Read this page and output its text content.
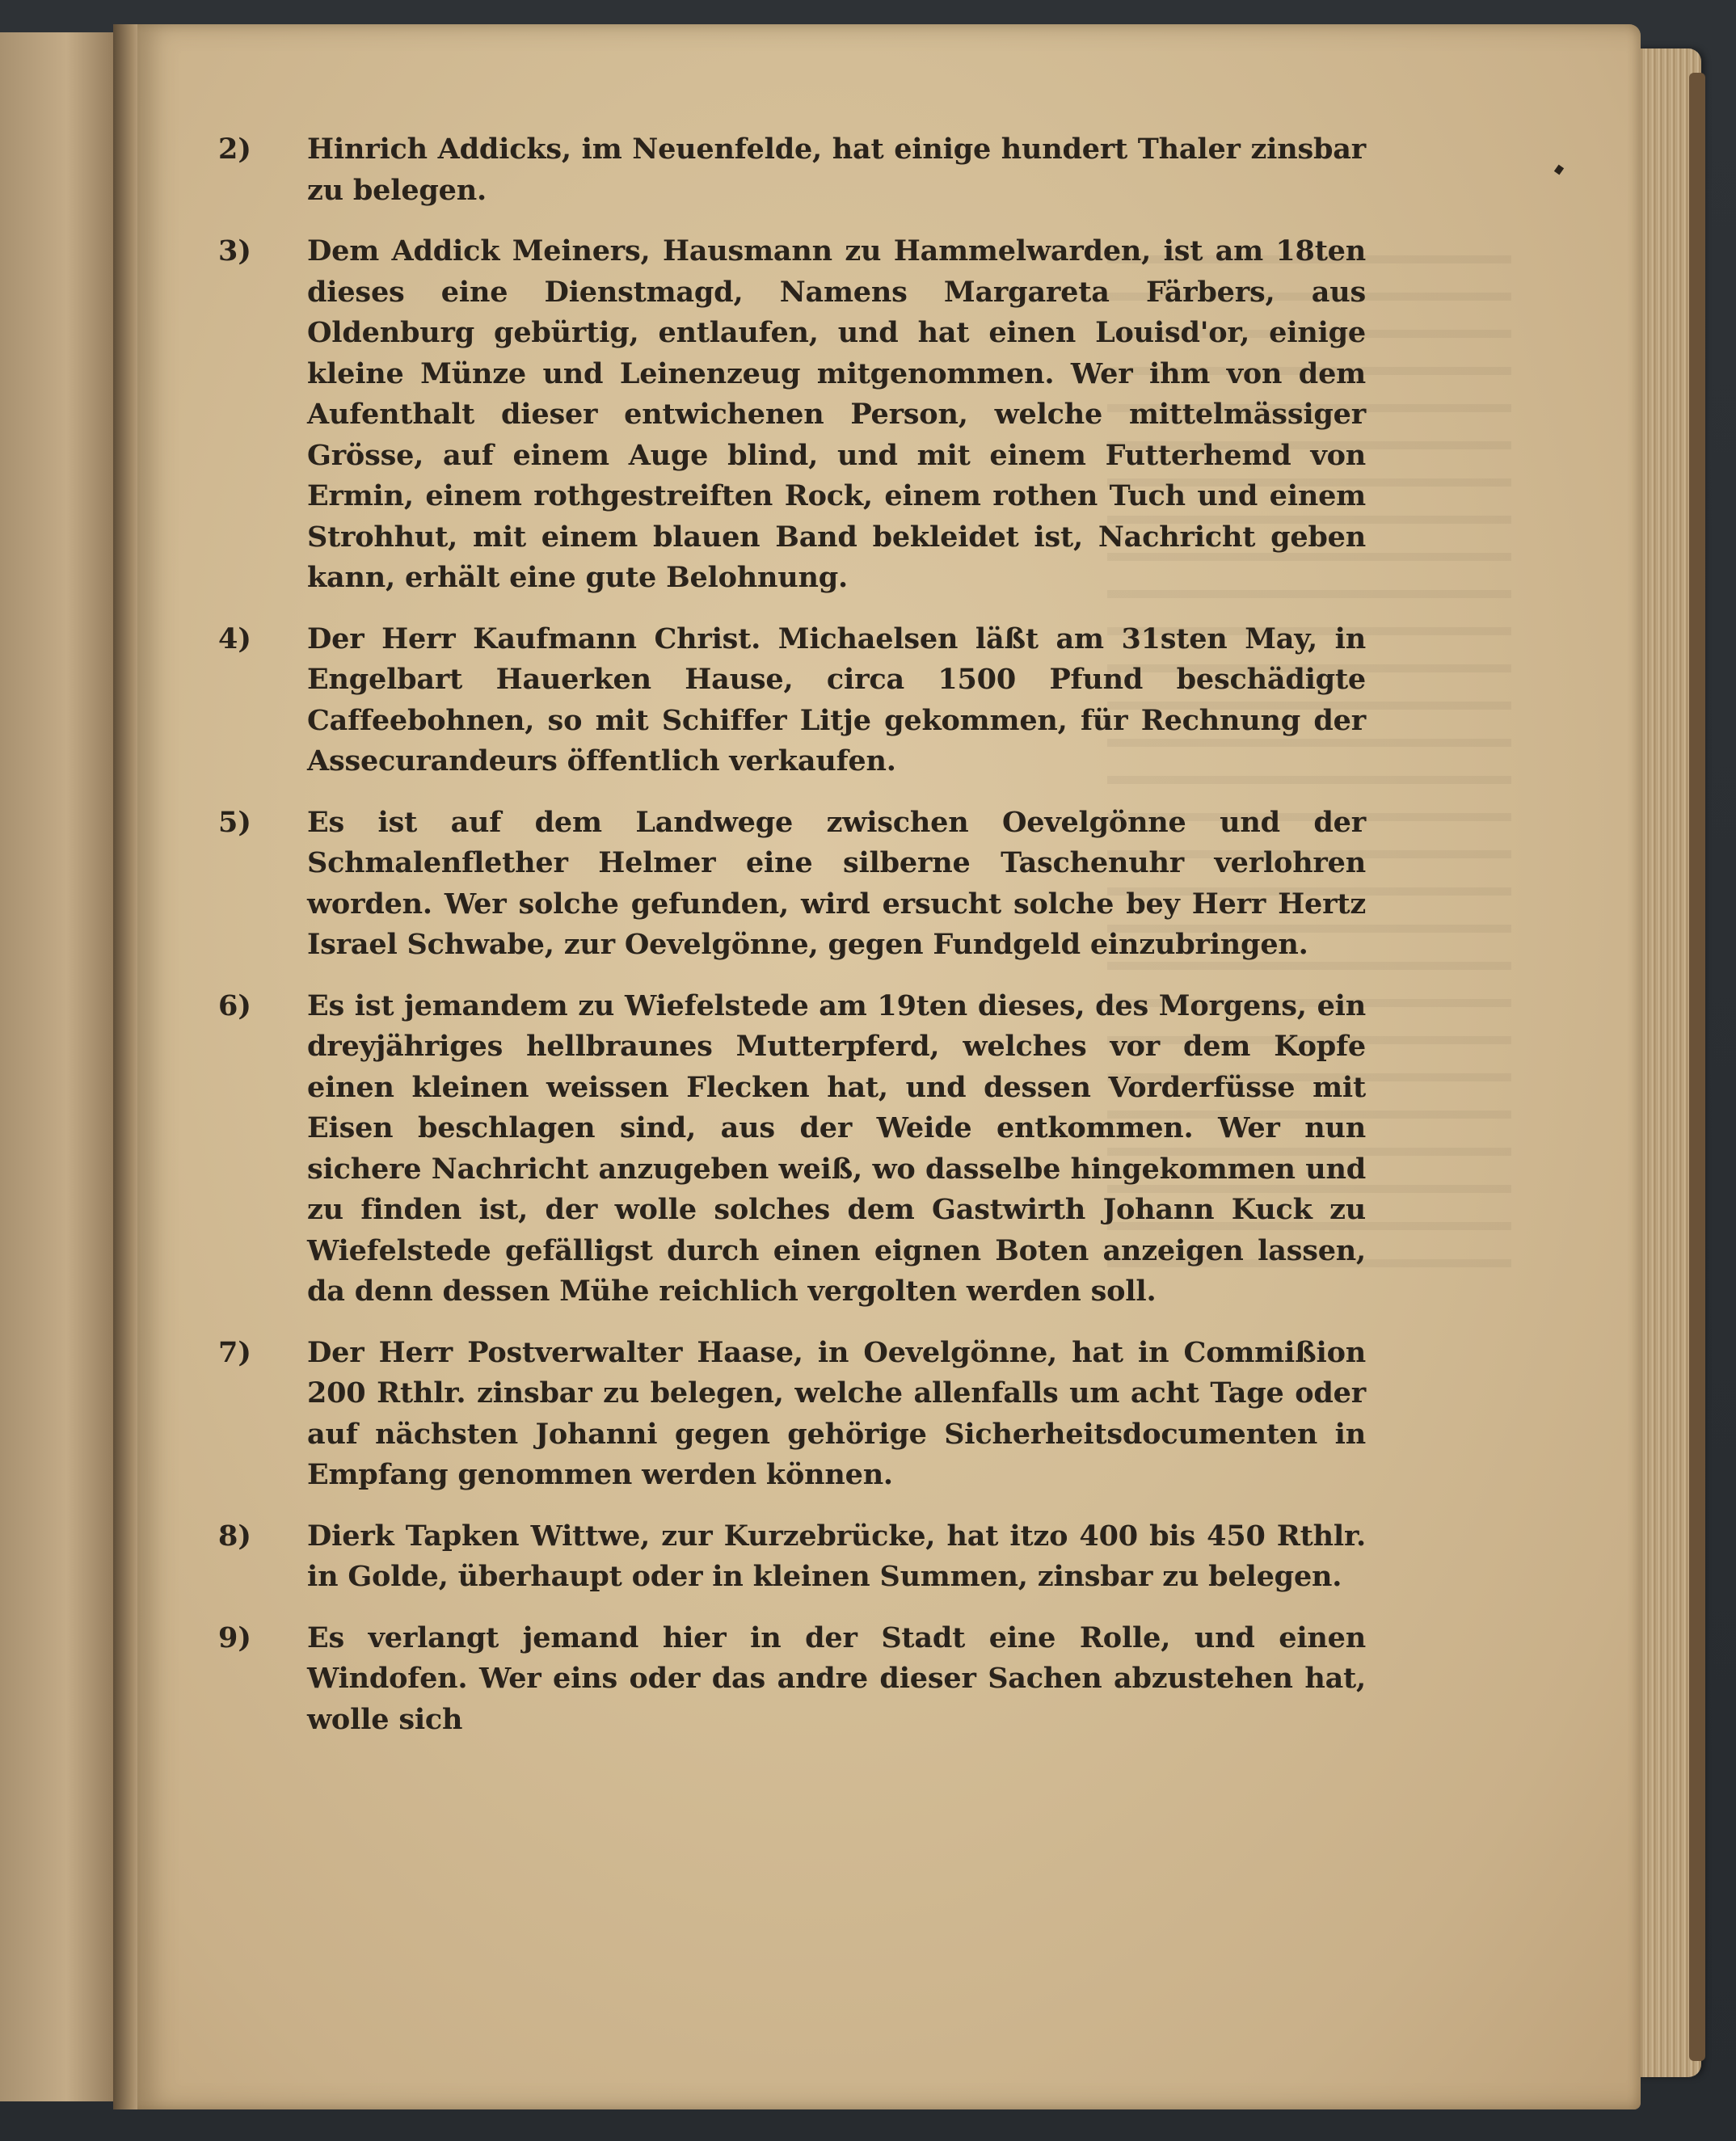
2)	Hinrich Addicks, im Neuenfelde, hat einige hundert Thaler zinsbar zu belegen.
3)	Dem Addick Meiners, Hausmann zu Hammelwarden, ist am 18ten dieses eine Dienstmagd, Namens Margareta Färbers, aus Oldenburg gebürtig, entlaufen, und hat einen Louisd'or, einige kleine Münze und Leinenzeug mitgenommen. Wer ihm von dem Aufenthalt dieser entwichenen Person, welche mittelmässiger Grösse, auf einem Auge blind, und mit einem Futterhemd von Ermin, einem rothgestreiften Rock, einem rothen Tuch und einem Strohhut, mit einem blauen Band bekleidet ist, Nachricht geben kann, erhält eine gute Belohnung.
4)	Der Herr Kaufmann Christ. Michaelsen läßt am 31sten May, in Engelbart Hauerken Hause, circa 1500 Pfund beschädigte Caffeebohnen, so mit Schiffer Litje gekommen, für Rechnung der Assecurandeurs öffentlich verkaufen.
5)	Es ist auf dem Landwege zwischen Oevelgönne und der Schmalenflether Helmer eine silberne Taschenuhr verlohren worden. Wer solche gefunden, wird ersucht solche bey Herr Hertz Israel Schwabe, zur Oevelgönne, gegen Fundgeld einzubringen.
6)	Es ist jemandem zu Wiefelstede am 19ten dieses, des Morgens, ein dreyjähriges hellbraunes Mutterpferd, welches vor dem Kopfe einen kleinen weissen Flecken hat, und dessen Vorderfüsse mit Eisen beschlagen sind, aus der Weide entkommen. Wer nun sichere Nachricht anzugeben weiß, wo dasselbe hingekommen und zu finden ist, der wolle solches dem Gastwirth Johann Kuck zu Wiefelstede gefälligst durch einen eignen Boten anzeigen lassen, da denn dessen Mühe reichlich vergolten werden soll.
7)	Der Herr Postverwalter Haase, in Oevelgönne, hat in Commißion 200 Rthlr. zinsbar zu belegen, welche allenfalls um acht Tage oder auf nächsten Johanni gegen gehörige Sicherheitsdocumenten in Empfang genommen werden können.
8)	Dierk Tapken Wittwe, zur Kurzebrücke, hat itzo 400 bis 450 Rthlr. in Golde, überhaupt oder in kleinen Summen, zinsbar zu belegen.
9)	Es verlangt jemand hier in der Stadt eine Rolle, und einen Windofen. Wer eins oder das andre dieser Sachen abzustehen hat, wolle sich
